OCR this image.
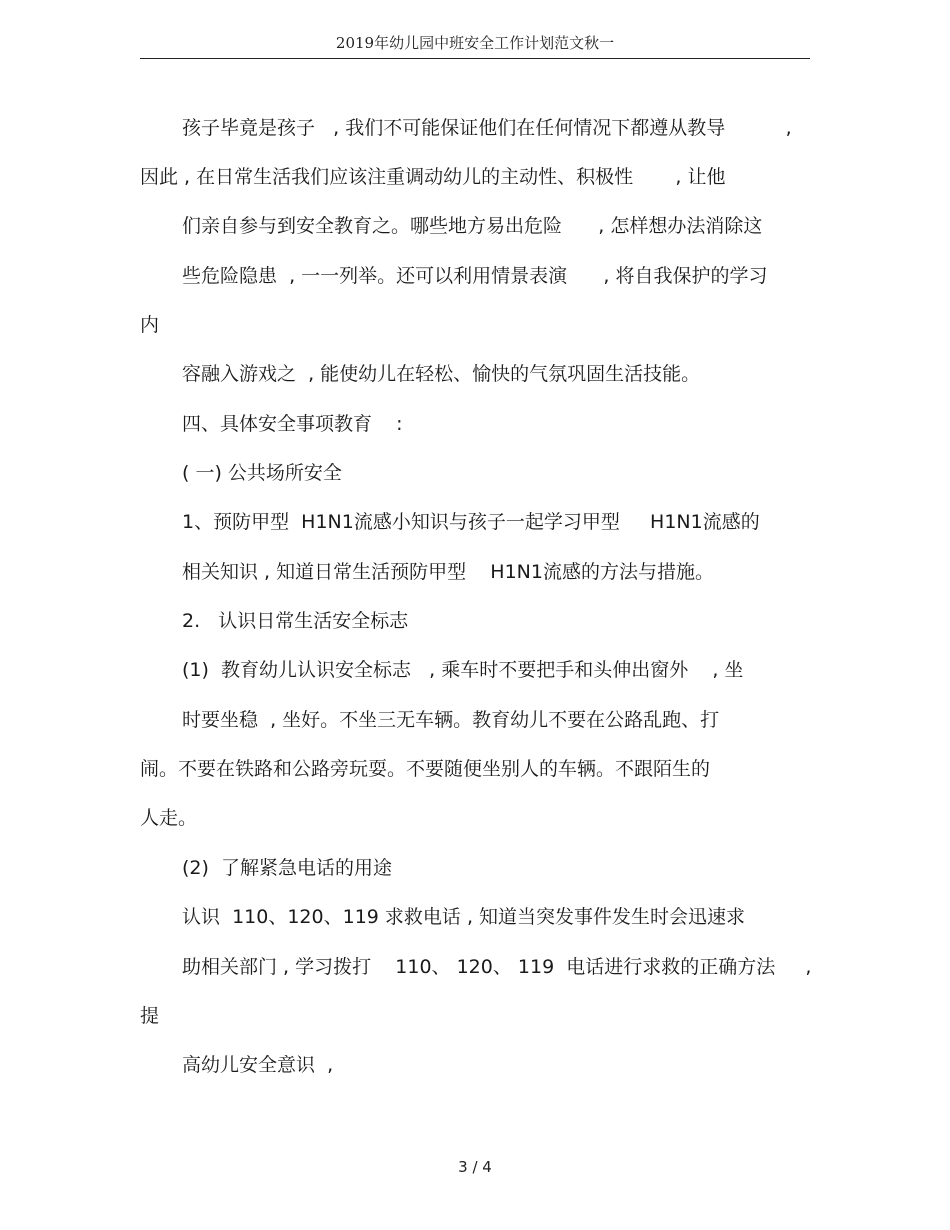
2019年幼儿园中班安全工作计划范文秋一
孩子毕竟是孩子   , 我们不可能保证他们在任何情况下都遵从教导          ,
因此 , 在日常生活我们应该注重调动幼儿的主动性、积极性       , 让他
们亲自参与到安全教育之。哪些地方易出危险      , 怎样想办法消除这
些危险隐患  , 一一列举。还可以利用情景表演      , 将自我保护的学习
内
容融入游戏之  , 能使幼儿在轻松、愉快的气氛巩固生活技能。
四、具体安全事项教育    :
( 一) 公共场所安全
1、预防甲型  H1N1流感小知识与孩子一起学习甲型     H1N1流感的
相关知识 , 知道日常生活预防甲型    H1N1流感的方法与措施。
2.   认识日常生活安全标志
(1)  教育幼儿认识安全标志   , 乘车时不要把手和头伸出窗外    , 坐
时要坐稳  , 坐好。不坐三无车辆。教育幼儿不要在公路乱跑、打
闹。不要在铁路和公路旁玩耍。不要随便坐别人的车辆。不跟陌生的
人走。
(2)  了解紧急电话的用途
认识  110、120、119 求救电话 , 知道当突发事件发生时会迅速求
助相关部门 , 学习拨打    110、 120、 119  电话进行求救的正确方法     ,
提
高幼儿安全意识  ,
3 / 4
